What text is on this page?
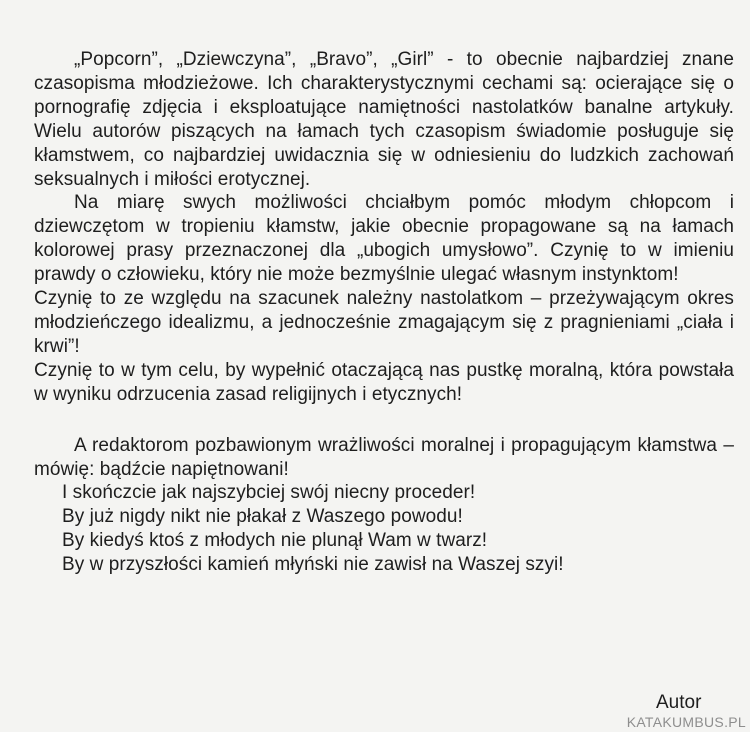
„Popcorn”, „Dziewczyna”, „Bravo”, „Girl” - to obecnie najbardziej znane czasopisma młodzieżowe. Ich charakterystycznymi cechami są: ocierające się o pornografię zdjęcia i eksploatujące namiętności nastolatków banalne artykuły. Wielu autorów piszących na łamach tych czasopism świadomie posługuje się kłamstwem, co najbardziej uwidacznia się w odniesieniu do ludzkich zachowań seksualnych i miłości erotycznej.

Na miarę swych możliwości chciałbym pomóc młodym chłopcom i dziewczętom w tropieniu kłamstw, jakie obecnie propagowane są na łamach kolorowej prasy przeznaczonej dla „ubogich umysłowo”. Czynię to w imieniu prawdy o człowieku, który nie może bezmyślnie ulegać własnym instynktom!

Czynię to ze względu na szacunek należny nastolatkom – przeżywającym okres młodzieńczego idealizmu, a jednocześnie zmagającym się z pragnieniami „ciała i krwi”!

Czynię to w tym celu, by wypełnić otaczającą nas pustkę moralną, która powstała w wyniku odrzucenia zasad religijnych i etycznych!

A redaktorom pozbawionym wrażliwości moralnej i propagującym kłamstwa – mówię: bądźcie napiętnowani!

I skończcie jak najszybciej swój niecny proceder!
By już nigdy nikt nie płakał z Waszego powodu!
By kiedyś ktoś z młodych nie plunął Wam w twarz!
By w przyszłości kamień młyński nie zawisł na Waszej szyi!

Autor
KATAKUMBUS.PL
